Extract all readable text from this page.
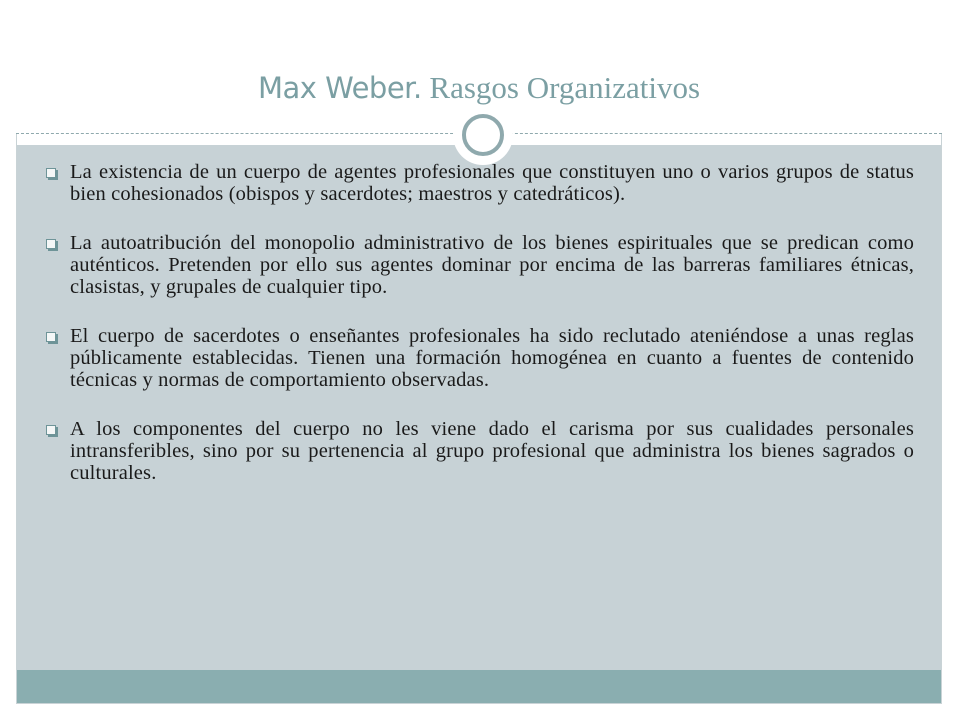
Max Weber. Rasgos Organizativos
La existencia de un cuerpo de agentes profesionales que constituyen uno o varios grupos de status bien cohesionados (obispos y sacerdotes; maestros y catedráticos).
La autoatribución del monopolio administrativo de los bienes espirituales que se predican como auténticos. Pretenden por ello sus agentes dominar por encima de las barreras familiares étnicas, clasistas, y grupales de cualquier tipo.
El cuerpo de sacerdotes o enseñantes profesionales ha sido reclutado ateniéndose a unas reglas públicamente establecidas. Tienen una formación homogénea en cuanto a fuentes de contenido técnicas y normas de comportamiento observadas.
A los componentes del cuerpo no les viene dado el carisma por sus cualidades personales intransferibles, sino por su pertenencia al grupo profesional que administra los bienes sagrados o culturales.
